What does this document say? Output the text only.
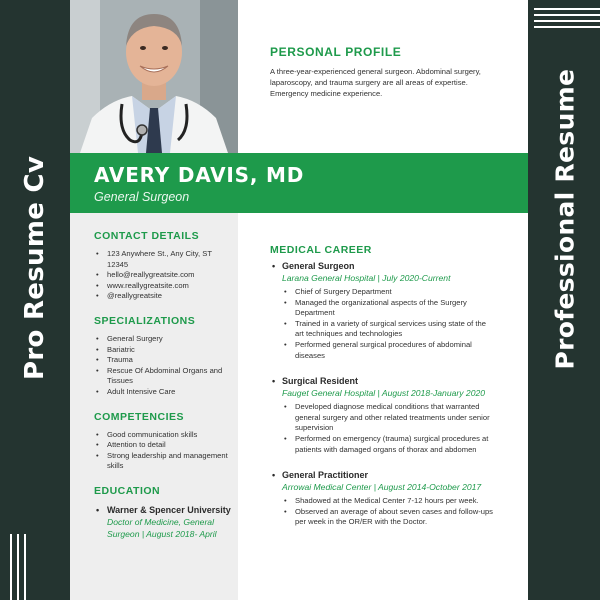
Pro Resume Cv	Professional Resume
PERSONAL PROFILE
A three-year-experienced general surgeon. Abdominal surgery, laparoscopy, and trauma surgery are all areas of expertise. Emergency medicine experience.
AVERY DAVIS, MD
General Surgeon
CONTACT DETAILS
• 123 Anywhere St., Any City, ST 12345
• hello@reallygreatsite.com
• www.reallygreatsite.com
• @reallygreatsite
SPECIALIZATIONS
• General Surgery
• Bariatric
• Trauma
• Rescue Of Abdominal Organs and Tissues
• Adult Intensive Care
COMPETENCIES
• Good communication skills
• Attention to detail
• Strong leadership and management skills
EDUCATION
• Warner & Spencer University
Doctor of Medicine, General Surgeon | August 2018- April
MEDICAL CAREER
• General Surgeon
Larana General Hospital | July 2020-Current
• Chief of Surgery Department
• Managed the organizational aspects of the Surgery Department
• Trained in a variety of surgical services using state of the art techniques and technologies
• Performed general surgical procedures of abdominal diseases
• Surgical Resident
Fauget General Hospital | August 2018-January 2020
• Developed diagnose medical conditions that warranted general surgery and other related treatments under senior supervision
• Performed on emergency (trauma) surgical procedures at patients with damaged organs of thorax and abdomen
• General Practitioner
Arrowai Medical Center | August 2014-October 2017
• Shadowed at the Medical Center 7-12 hours per week.
• Observed an average of about seven cases and follow-ups per week in the OR/ER with the Doctor.
